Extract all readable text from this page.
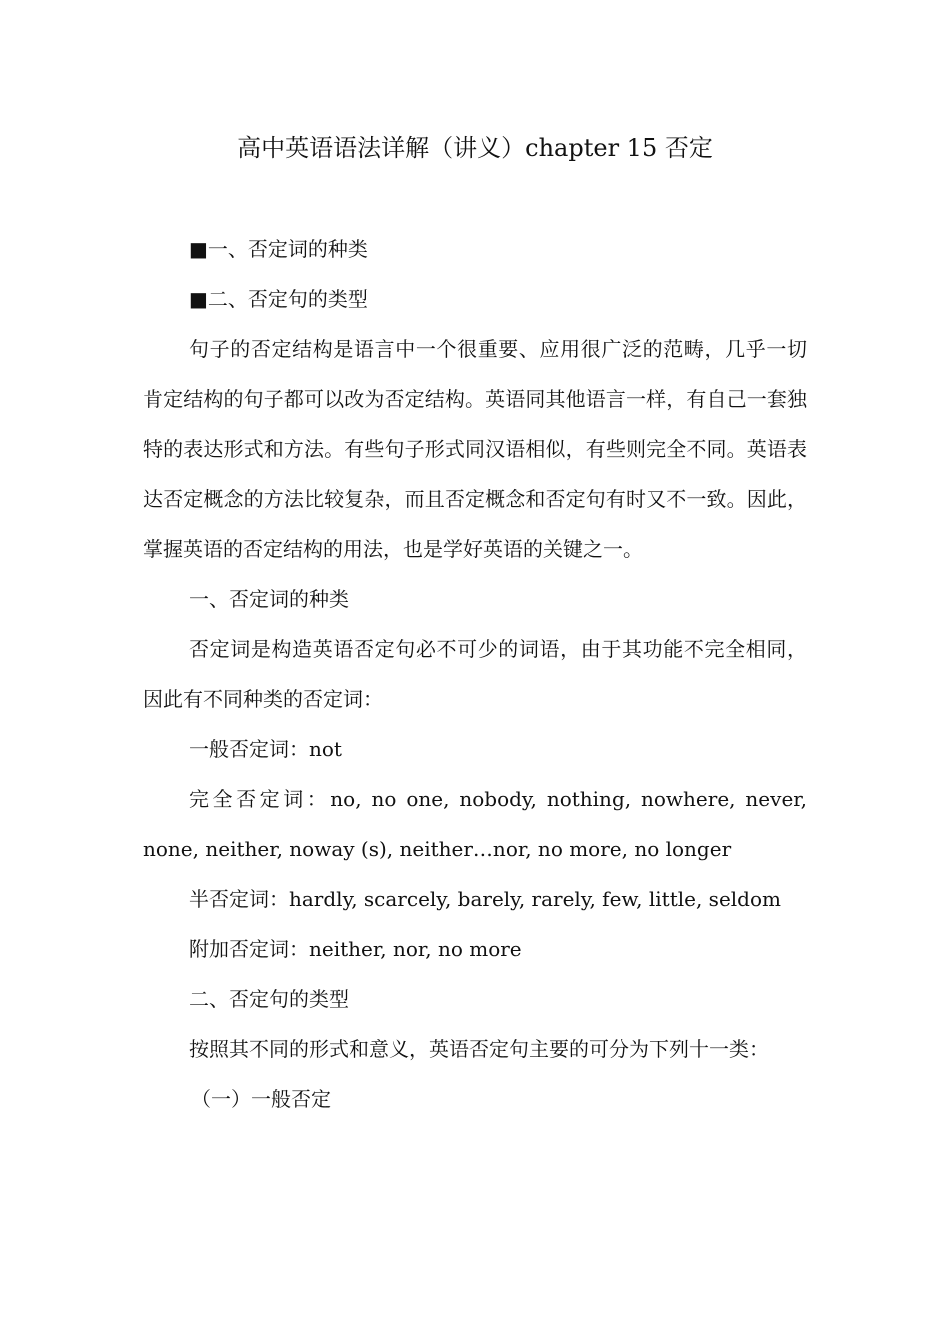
高中英语语法详解（讲义）chapter 15 否定

■一、否定词的种类

■二、否定句的类型

句子的否定结构是语言中一个很重要、应用很广泛的范畴，几乎一切肯定结构的句子都可以改为否定结构。英语同其他语言一样，有自己一套独特的表达形式和方法。有些句子形式同汉语相似，有些则完全不同。英语表达否定概念的方法比较复杂，而且否定概念和否定句有时又不一致。因此，掌握英语的否定结构的用法，也是学好英语的关键之一。

一、否定词的种类

否定词是构造英语否定句必不可少的词语，由于其功能不完全相同，因此有不同种类的否定词：

一般否定词：not

完全否定词：no, no one, nobody, nothing, nowhere, never, none, neither, noway (s), neither…nor, no more, no longer

半否定词：hardly, scarcely, barely, rarely, few, little, seldom

附加否定词：neither, nor, no more

二、否定句的类型

按照其不同的形式和意义，英语否定句主要的可分为下列十一类：

（一）一般否定
